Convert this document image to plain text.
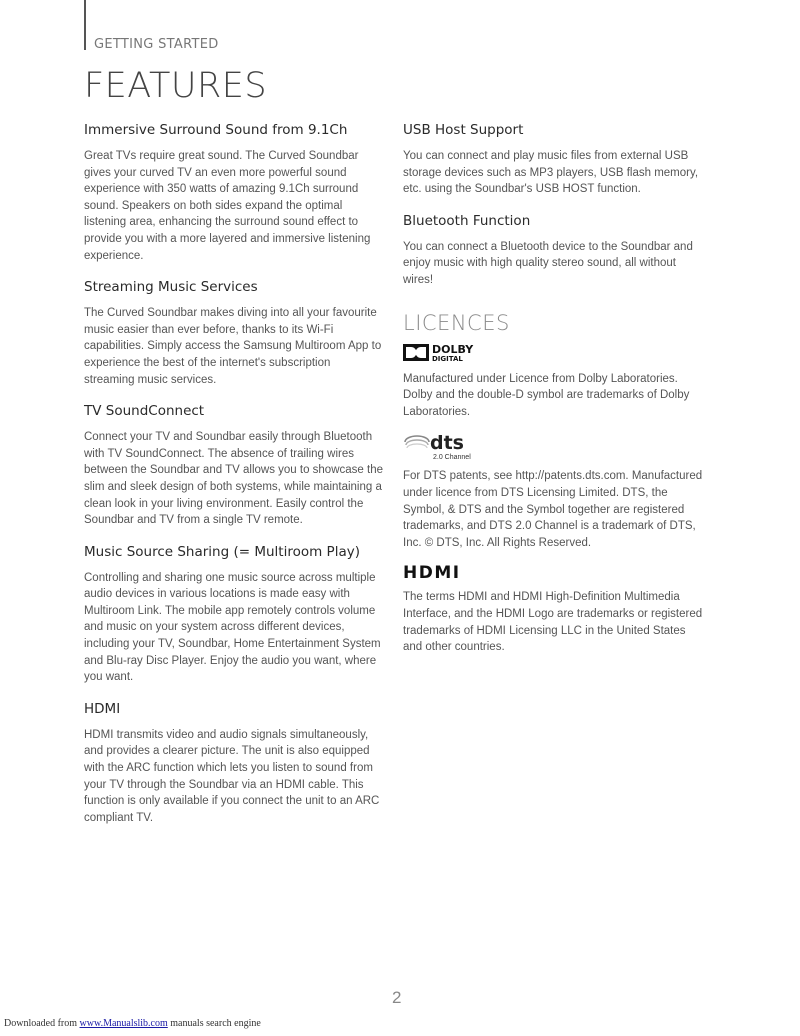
GETTING STARTED
FEATURES
Immersive Surround Sound from 9.1Ch

Great TVs require great sound. The Curved Soundbar gives your curved TV an even more powerful sound experience with 350 watts of amazing 9.1Ch surround sound. Speakers on both sides expand the optimal listening area, enhancing the surround sound effect to provide you with a more layered and immersive listening experience.

Streaming Music Services

The Curved Soundbar makes diving into all your favourite music easier than ever before, thanks to its Wi-Fi capabilities. Simply access the Samsung Multiroom App to experience the best of the internet's subscription streaming music services.

TV SoundConnect

Connect your TV and Soundbar easily through Bluetooth with TV SoundConnect. The absence of trailing wires between the Soundbar and TV allows you to showcase the slim and sleek design of both systems, while maintaining a clean look in your living environment. Easily control the Soundbar and TV from a single TV remote.

Music Source Sharing (= Multiroom Play)

Controlling and sharing one music source across multiple audio devices in various locations is made easy with Multiroom Link. The mobile app remotely controls volume and music on your system across different devices, including your TV, Soundbar, Home Entertainment System and Blu-ray Disc Player. Enjoy the audio you want, where you want.

HDMI

HDMI transmits video and audio signals simultaneously, and provides a clearer picture. The unit is also equipped with the ARC function which lets you listen to sound from your TV through the Soundbar via an HDMI cable. This function is only available if you connect the unit to an ARC compliant TV.

USB Host Support

You can connect and play music files from external USB storage devices such as MP3 players, USB flash memory, etc. using the Soundbar's USB HOST function.

Bluetooth Function

You can connect a Bluetooth device to the Soundbar and enjoy music with high quality stereo sound, all without wires!

LICENCES
DOLBY
DIGITAL

Manufactured under Licence from Dolby Laboratories. Dolby and the double-D symbol are trademarks of Dolby Laboratories.

dts
2.0 Channel

For DTS patents, see http://patents.dts.com. Manufactured under licence from DTS Licensing Limited. DTS, the Symbol, & DTS and the Symbol together are registered trademarks, and DTS 2.0 Channel is a trademark of DTS, Inc. © DTS, Inc. All Rights Reserved.

HDMI

The terms HDMI and HDMI High-Definition Multimedia Interface, and the HDMI Logo are trademarks or registered trademarks of HDMI Licensing LLC in the United States and other countries.

2
Downloaded from www.Manualslib.com manuals search engine
